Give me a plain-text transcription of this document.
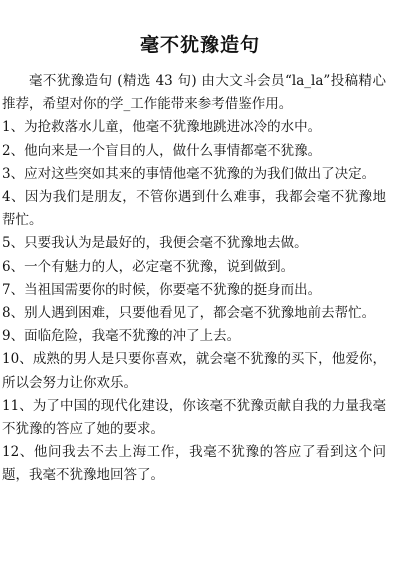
毫不犹豫造句

毫不犹豫造句 (精选 43 句) 由大文斗会员“la_la”投稿精心推荐，希望对你的学_工作能带来参考借鉴作用。

1、为抢救落水儿童，他毫不犹豫地跳进冰冷的水中。

2、他向来是一个盲目的人，做什么事情都毫不犹豫。

3、应对这些突如其来的事情他毫不犹豫的为我们做出了决定。

4、因为我们是朋友，不管你遇到什么难事，我都会毫不犹豫地帮忙。

5、只要我认为是最好的，我便会毫不犹豫地去做。

6、一个有魅力的人，必定毫不犹豫，说到做到。

7、当祖国需要你的时候，你要毫不犹豫的挺身而出。

8、别人遇到困难，只要他看见了，都会毫不犹豫地前去帮忙。

9、面临危险，我毫不犹豫的冲了上去。

10、成熟的男人是只要你喜欢，就会毫不犹豫的买下，他爱你，所以会努力让你欢乐。

11、为了中国的现代化建设，你该毫不犹豫贡献自我的力量我毫不犹豫的答应了她的要求。

12、他问我去不去上海工作，我毫不犹豫的答应了看到这个问题，我毫不犹豫地回答了。
